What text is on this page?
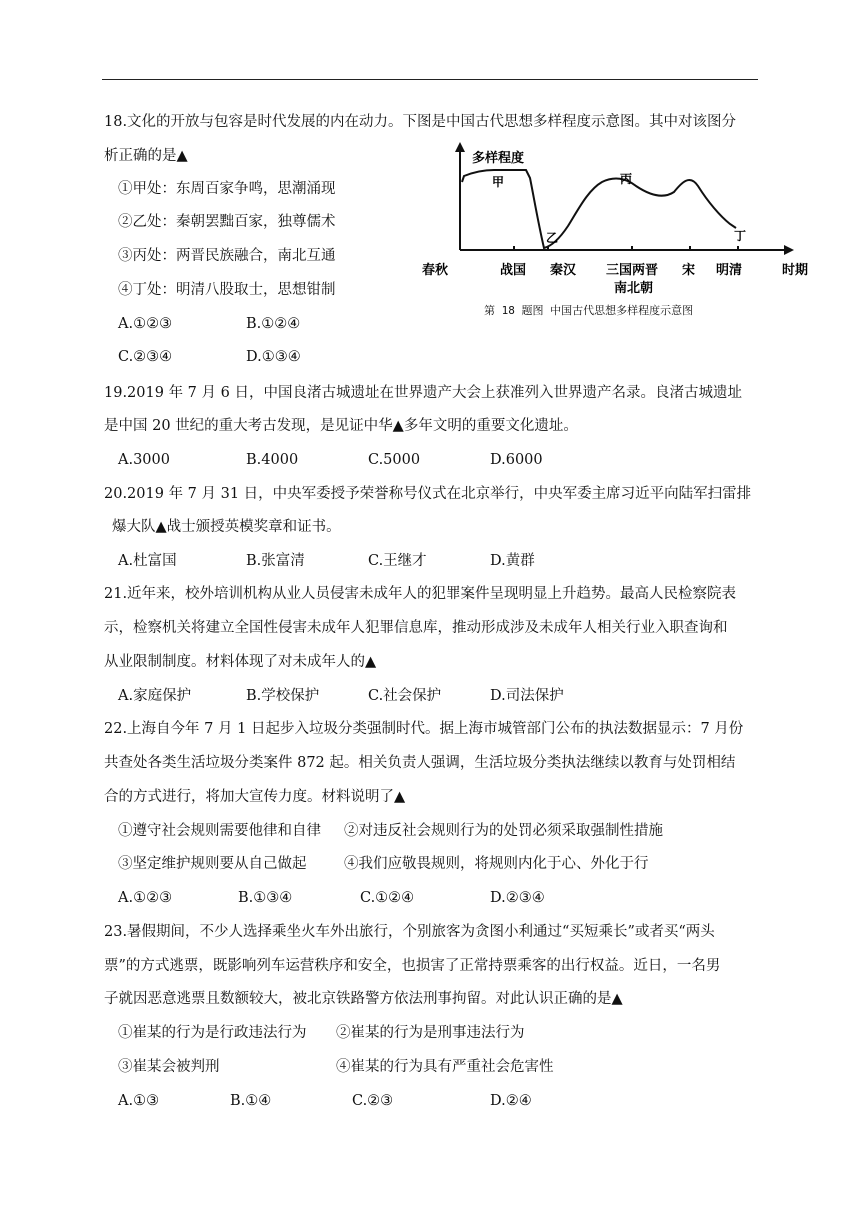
18.文化的开放与包容是时代发展的内在动力。下图是中国古代思想多样程度示意图。其中对该图分
析正确的是▲
①甲处：东周百家争鸣，思潮涌现
②乙处：秦朝罢黜百家，独尊儒术
③丙处：两晋民族融合，南北互通
④丁处：明清八股取士，思想钳制
A.①②③	B.①②④
C.②③④	D.①③④
多样程度
甲
乙
丙
丁
春秋	战国 秦汉 三国两晋
南北朝
宋 明清	时期
第 18 题图 中国古代思想多样程度示意图
19.2019 年 7 月 6 日，中国良渚古城遗址在世界遗产大会上获准列入世界遗产名录。良渚古城遗址
是中国 20 世纪的重大考古发现，是见证中华▲多年文明的重要文化遗址。
A.3000	B.4000	C.5000	D.6000
20.2019 年 7 月 31 日，中央军委授予荣誉称号仪式在北京举行，中央军委主席习近平向陆军扫雷排
爆大队▲战士颁授英模奖章和证书。
A.杜富国	B.张富清	C.王继才	D.黄群
21.近年来，校外培训机构从业人员侵害未成年人的犯罪案件呈现明显上升趋势。最高人民检察院表
示，检察机关将建立全国性侵害未成年人犯罪信息库，推动形成涉及未成年人相关行业入职查询和
从业限制制度。材料体现了对未成年人的▲
A.家庭保护	B.学校保护	C.社会保护	D.司法保护
22.上海自今年 7 月 1 日起步入垃圾分类强制时代。据上海市城管部门公布的执法数据显示：7 月份
共查处各类生活垃圾分类案件 872 起。相关负责人强调，生活垃圾分类执法继续以教育与处罚相结
合的方式进行，将加大宣传力度。材料说明了▲
①遵守社会规则需要他律和自律 ②对违反社会规则行为的处罚必须采取强制性措施
③坚定维护规则要从自己做起	④我们应敬畏规则，将规则内化于心、外化于行
A.①②③	B.①③④	C.①②④	D.②③④
23.暑假期间，不少人选择乘坐火车外出旅行，个别旅客为贪图小利通过“买短乘长”或者买“两头
票”的方式逃票，既影响列车运营秩序和安全，也损害了正常持票乘客的出行权益。近日，一名男
子就因恶意逃票且数额较大，被北京铁路警方依法刑事拘留。对此认识正确的是▲
①崔某的行为是行政违法行为 ②崔某的行为是刑事违法行为
③崔某会被判刑	④崔某的行为具有严重社会危害性
A.①③	B.①④	C.②③	D.②④
